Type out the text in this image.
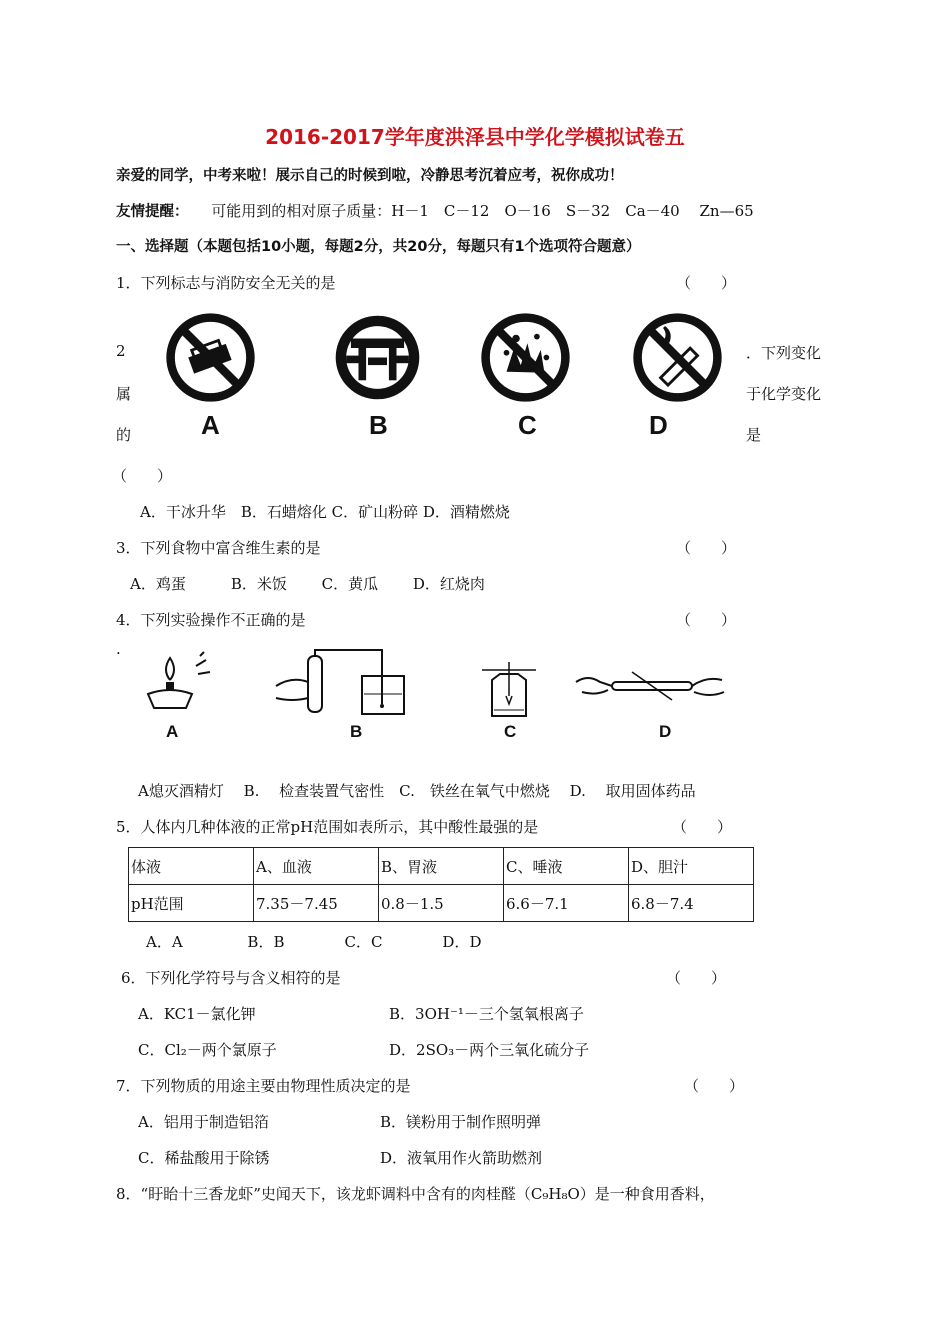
2016-2017学年度洪泽县中学化学模拟试卷五
亲爱的同学，中考来啦！展示自己的时候到啦，冷静思考沉着应考，祝你成功！
友情提醒： 可能用到的相对原子质量：H－1　C－12　O－16　S－32　Ca－40　 Zn—65
一、选择题（本题包括10小题，每题2分，共20分，每题只有1个选项符合题意）
1．下列标志与消防安全无关的是	（　　）
A	B	C	D
2
属
的
．下列变化
于化学变化
是
（　　）
A．干冰升华　B．石蜡熔化 C．矿山粉碎 D．酒精燃烧
3．下列食物中富含维生素的是	（　　）
A．鸡蛋　　　B．米饭　　 C．黄瓜　　 D．红烧肉
4．下列实验操作不正确的是	（　　）
.
A	B	C	D
A熄灭酒精灯　 B.　 检查装置气密性　C.　铁丝在氧气中燃烧　 D.　 取用固体药品
5．人体内几种体液的正常pH范围如表所示，其中酸性最强的是	（　　）
体液	A、血液	B、胃液	C、唾液	D、胆汁
pH范围	7.35－7.45	0.8－1.5	6.6－7.1	6.8－7.4
A．A　　　　 B．B　　　　C．C　　　　D．D
6．下列化学符号与含义相符的是	（　　）
A．KC1－氯化钾	B．3OH⁻¹－三个氢氧根离子
C．Cl₂－两个氯原子	D．2SO₃－两个三氧化硫分子
7．下列物质的用途主要由物理性质决定的是	（　　）
A．铝用于制造铝箔	B．镁粉用于制作照明弹
C．稀盐酸用于除锈	D．液氧用作火箭助燃剂
8．“盱眙十三香龙虾”史闻天下，该龙虾调料中含有的肉桂醛（C₉H₈O）是一种食用香料，
